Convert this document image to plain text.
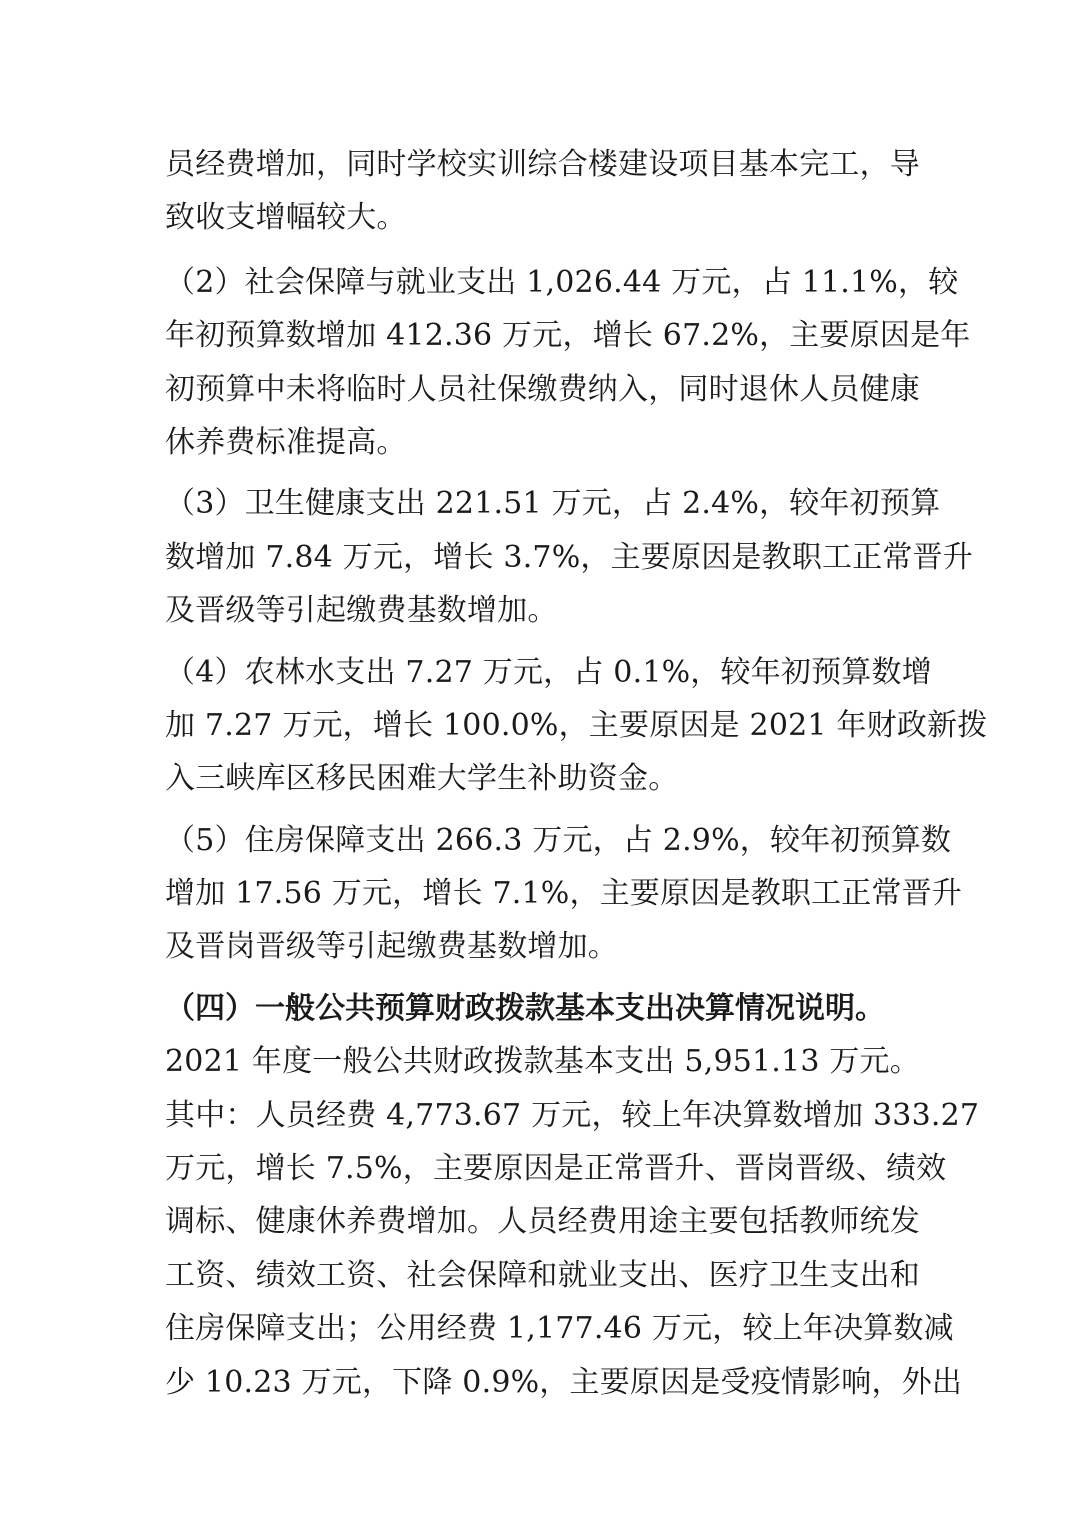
员经费增加，同时学校实训综合楼建设项目基本完工，导
致收支增幅较大。
（2）社会保障与就业支出 1,026.44 万元，占 11.1%，较
年初预算数增加 412.36 万元，增长 67.2%，主要原因是年
初预算中未将临时人员社保缴费纳入，同时退休人员健康
休养费标准提高。
（3）卫生健康支出 221.51 万元，占 2.4%，较年初预算
数增加 7.84 万元，增长 3.7%，主要原因是教职工正常晋升
及晋级等引起缴费基数增加。
（4）农林水支出 7.27 万元，占 0.1%，较年初预算数增
加 7.27 万元，增长 100.0%，主要原因是 2021 年财政新拨
入三峡库区移民困难大学生补助资金。
（5）住房保障支出 266.3 万元，占 2.9%，较年初预算数
增加 17.56 万元，增长 7.1%，主要原因是教职工正常晋升
及晋岗晋级等引起缴费基数增加。
（四）一般公共预算财政拨款基本支出决算情况说明。
2021 年度一般公共财政拨款基本支出 5,951.13 万元。
其中：人员经费 4,773.67 万元，较上年决算数增加 333.27
万元，增长 7.5%，主要原因是正常晋升、晋岗晋级、绩效
调标、健康休养费增加。人员经费用途主要包括教师统发
工资、绩效工资、社会保障和就业支出、医疗卫生支出和
住房保障支出；公用经费 1,177.46 万元，较上年决算数减
少 10.23 万元，下降 0.9%，主要原因是受疫情影响，外出
